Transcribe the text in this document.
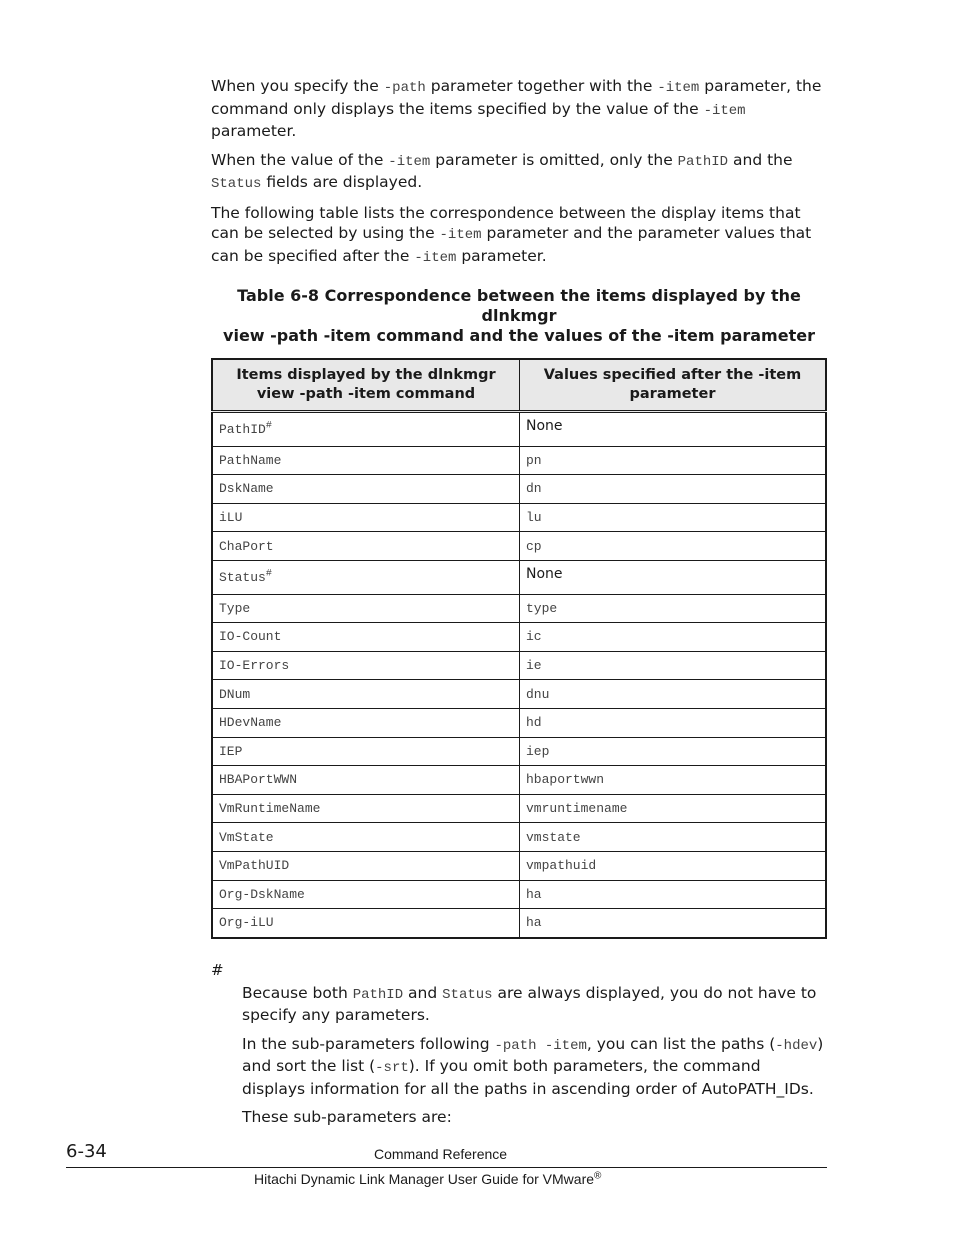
When you specify the -path parameter together with the -item parameter, the command only displays the items specified by the value of the -item parameter.

When the value of the -item parameter is omitted, only the PathID and the Status fields are displayed.

The following table lists the correspondence between the display items that can be selected by using the -item parameter and the parameter values that can be specified after the -item parameter.

Table 6-8 Correspondence between the items displayed by the dlnkmgr
view -path -item command and the values of the -item parameter
Items displayed by the dlnkmgr view -path -item command	Values specified after the -item parameter
PathID#	None
PathName	pn
DskName	dn
iLU	lu
ChaPort	cp
Status#	None
Type	type
IO-Count	ic
IO-Errors	ie
DNum	dnu
HDevName	hd
IEP	iep
HBAPortWWN	hbaportwwn
VmRuntimeName	vmruntimename
VmState	vmstate
VmPathUID	vmpathuid
Org-DskName	ha
Org-iLU	ha
#

Because both PathID and Status are always displayed, you do not have to specify any parameters.

In the sub-parameters following -path -item, you can list the paths (-hdev) and sort the list (-srt). If you omit both parameters, the command displays information for all the paths in ascending order of AutoPATH_IDs.

These sub-parameters are:

6-34	Command Reference
Hitachi Dynamic Link Manager User Guide for VMware®
